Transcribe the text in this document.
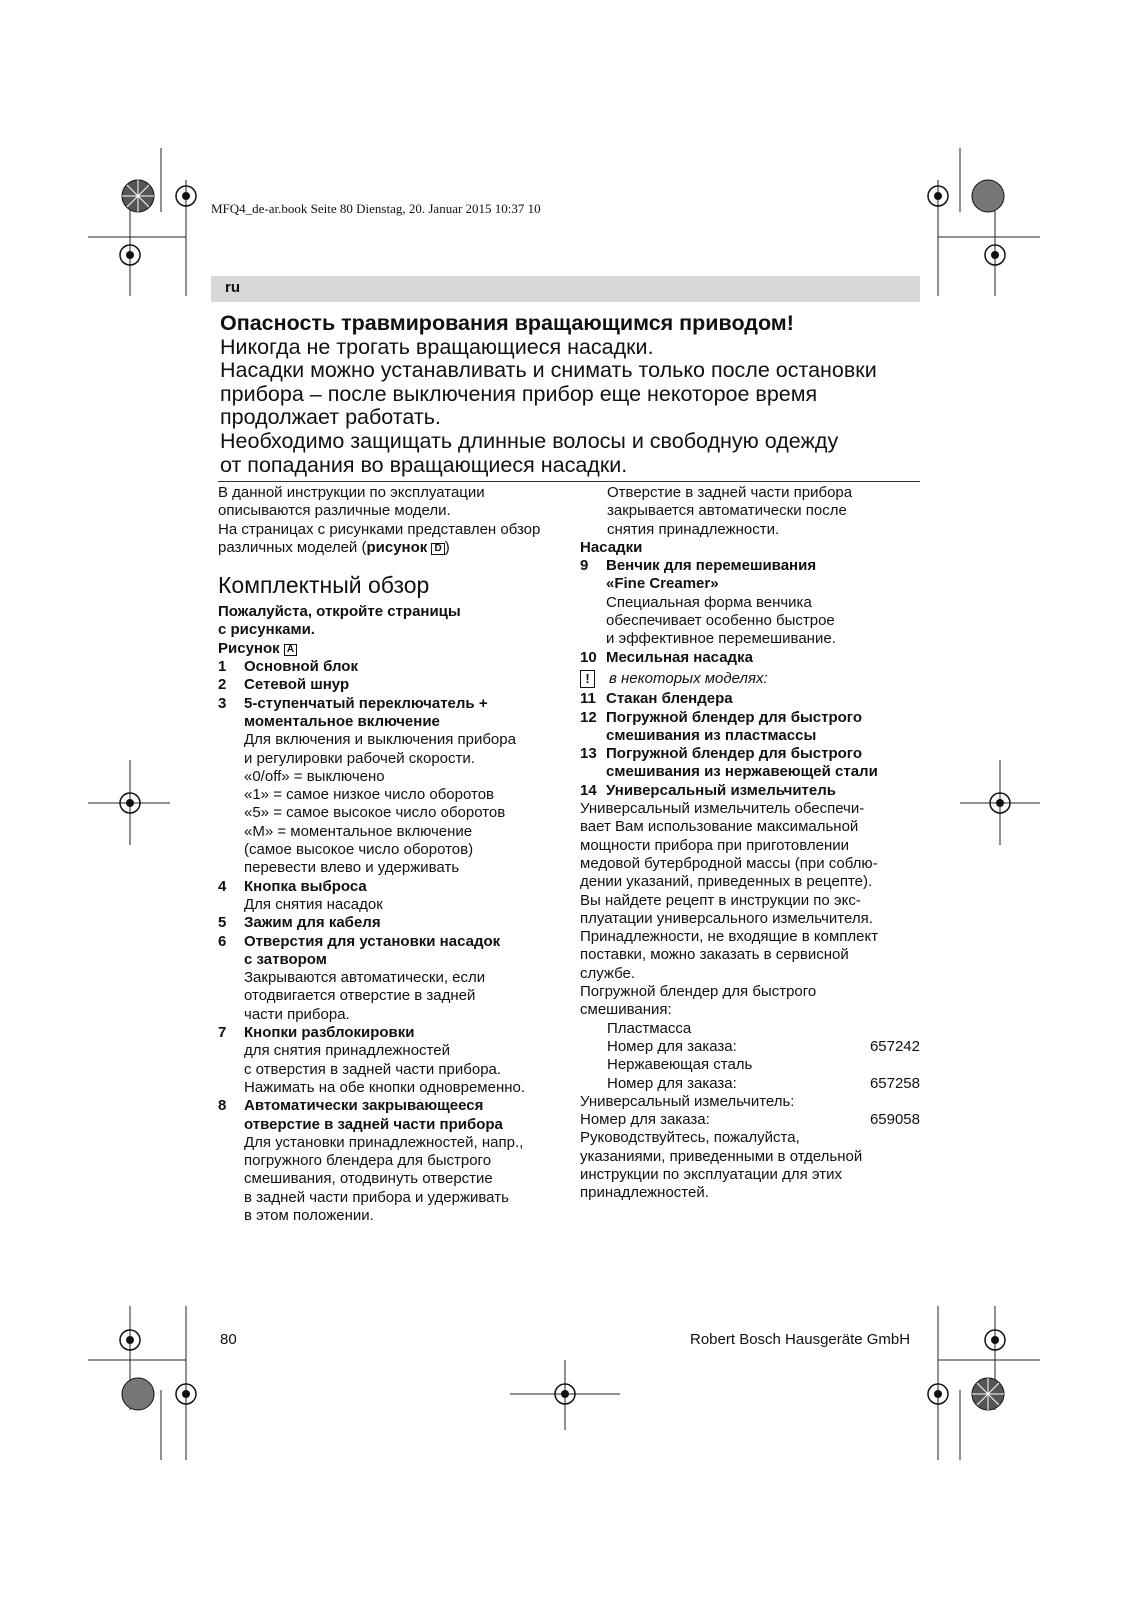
MFQ4_de-ar.book Seite 80 Dienstag, 20. Januar 2015 10:37 10
ru
Опасность травмирования вращающимся приводом!
Никогда не трогать вращающиеся насадки.
Насадки можно устанавливать и снимать только после остановки
прибора – после выключения прибор еще некоторое время
продолжает работать.
Необходимо защищать длинные волосы и свободную одежду
от попадания во вращающиеся насадки.

В данной инструкции по эксплуатации описываются различные модели.

На страницах с рисунками представлен обзор различных моделей (рисунок D )

Комплектный обзор

Пожалуйста, откройте страницы

с рисунками.

Рисунок A

1 Основной блок

2 Сетевой шнур

3 5-ступенчатый переключатель +

моментальное включение

Для включения и выключения прибора

и регулировки рабочей скорости.

«0/off» = выключено

«1» = самое низкое число оборотов

«5» = самое высокое число оборотов

«M» = моментальное включение

(самое высокое число оборотов)

перевести влево и удерживать

4 Кнопка выброса

Для снятия насадок

5 Зажим для кабеля

6 Отверстия для установки насадок

с затвором

Закрываются автоматически, если

отодвигается отверстие в задней

части прибора.

7 Кнопки разблокировки

для снятия принадлежностей

с отверстия в задней части прибора.

Нажимать на обе кнопки одновременно.

8 Автоматически закрывающееся

отверстие в задней части прибора

Для установки принадлежностей, напр.,

погружного блендера для быстрого

смешивания, отодвинуть отверстие

в задней части прибора и удерживать

в этом положении.

Отверстие в задней части прибора

закрывается автоматически после

снятия принадлежности.

Насадки

9 Венчик для перемешивания

«Fine Creamer»

Специальная форма венчика

обеспечивает особенно быстрое

и эффективное перемешивание.

10 Месильная насадка

! в некоторых моделях:

11 Стакан блендера

12 Погружной блендер для быстрого

смешивания из пластмассы

13 Погружной блендер для быстрого

смешивания из нержавеющей стали

14 Универсальный измельчитель

Универсальный измельчитель обеспечи-

вает Вам использование максимальной

мощности прибора при приготовлении

медовой бутербродной массы (при соблю-

дении указаний, приведенных в рецепте).

Вы найдете рецепт в инструкции по экс-

плуатации универсального измельчителя.

Принадлежности, не входящие в комплект

поставки, можно заказать в сервисной

службе.

Погружной блендер для быстрого

смешивания:

Пластмасса

Номер для заказа:	657242

Нержавеющая сталь

Номер для заказа:	657258

Универсальный измельчитель:

Номер для заказа:	659058

Руководствуйтесь, пожалуйста,

указаниями, приведенными в отдельной

инструкции по эксплуатации для этих

принадлежностей.

80	Robert Bosch Hausgeräte GmbH
